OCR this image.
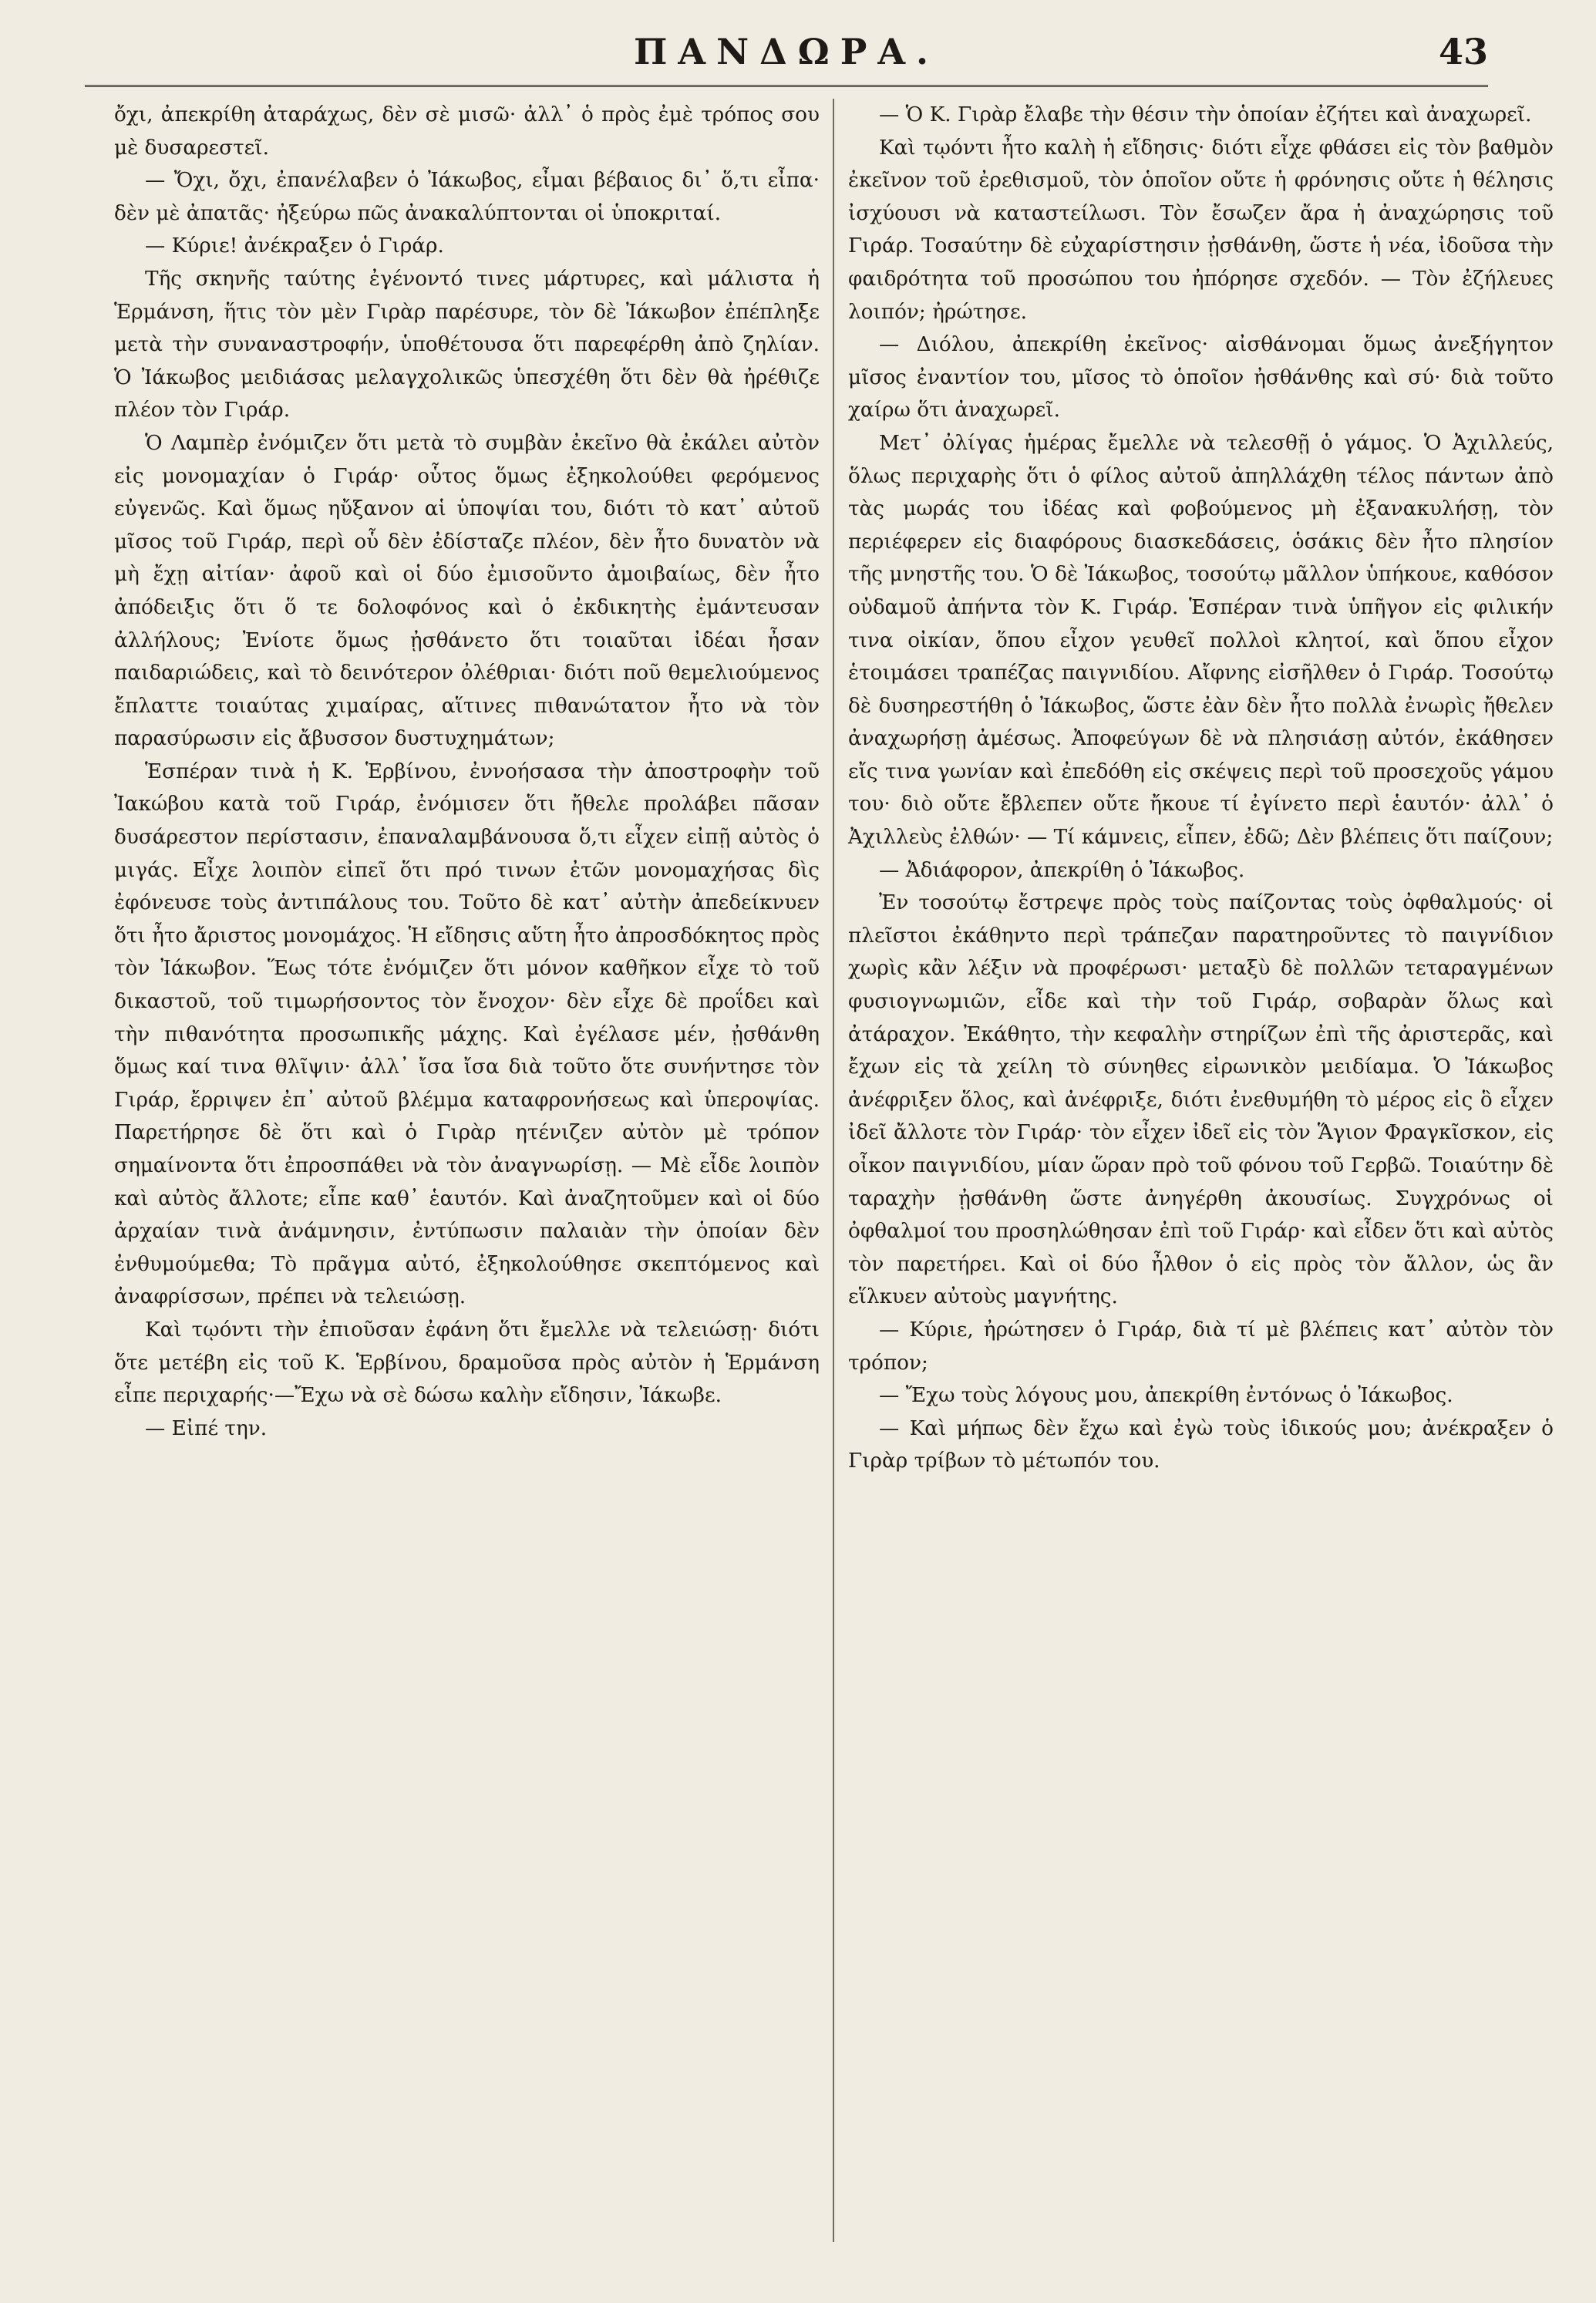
ΠΑΝΔΩΡΑ.	43

ὄχι, ἀπεκρίθη ἀταράχως, δὲν σὲ μισῶ· ἀλλ᾽ ὁ πρὸς ἐμὲ τρόπος σου μὲ δυσαρεστεῖ.

— Ὄχι, ὄχι, ἐπανέλαβεν ὁ Ἰάκωβος, εἶμαι βέβαιος δι᾽ ὅ,τι εἶπα· δὲν μὲ ἀπατᾶς· ἠξεύρω πῶς ἀνακαλύπτονται οἱ ὑποκριταί.

— Κύριε! ἀνέκραξεν ὁ Γιράρ.

Τῆς σκηνῆς ταύτης ἐγένοντό τινες μάρτυρες, καὶ μάλιστα ἡ Ἑρμάνση, ἥτις τὸν μὲν Γιρὰρ παρέσυρε, τὸν δὲ Ἰάκωβον ἐπέπληξε μετὰ τὴν συναναστροφήν, ὑποθέτουσα ὅτι παρεφέρθη ἀπὸ ζηλίαν. Ὁ Ἰάκωβος μειδιάσας μελαγχολικῶς ὑπεσχέθη ὅτι δὲν θὰ ἠρέθιζε πλέον τὸν Γιράρ.

Ὁ Λαμπὲρ ἐνόμιζεν ὅτι μετὰ τὸ συμβὰν ἐκεῖνο θὰ ἐκάλει αὐτὸν εἰς μονομαχίαν ὁ Γιράρ· οὗτος ὅμως ἐξηκολούθει φερόμενος εὐγενῶς. Καὶ ὅμως ηὔξανον αἱ ὑποψίαι του, διότι τὸ κατ᾽ αὐτοῦ μῖσος τοῦ Γιράρ, περὶ οὗ δὲν ἐδίσταζε πλέον, δὲν ἦτο δυνατὸν νὰ μὴ ἔχῃ αἰτίαν· ἀφοῦ καὶ οἱ δύο ἐμισοῦντο ἀμοιβαίως, δὲν ἦτο ἀπόδειξις ὅτι ὅ τε δολοφόνος καὶ ὁ ἐκδικητὴς ἐμάντευσαν ἀλλήλους; Ἐνίοτε ὅμως ᾐσθάνετο ὅτι τοιαῦται ἰδέαι ἦσαν παιδαριώδεις, καὶ τὸ δεινότερον ὀλέθριαι· διότι ποῦ θεμελιούμενος ἔπλαττε τοιαύτας χιμαίρας, αἵτινες πιθανώτατον ἦτο νὰ τὸν παρασύρωσιν εἰς ἄβυσσον δυστυχημάτων;

Ἑσπέραν τινὰ ἡ Κ. Ἑρβίνου, ἐννοήσασα τὴν ἀποστροφὴν τοῦ Ἰακώβου κατὰ τοῦ Γιράρ, ἐνόμισεν ὅτι ἤθελε προλάβει πᾶσαν δυσάρεστον περίστασιν, ἐπαναλαμβάνουσα ὅ,τι εἶχεν εἰπῇ αὐτὸς ὁ μιγάς. Εἶχε λοιπὸν εἰπεῖ ὅτι πρό τινων ἐτῶν μονομαχήσας δὶς ἐφόνευσε τοὺς ἀντιπάλους του. Τοῦτο δὲ κατ᾽ αὐτὴν ἀπεδείκνυεν ὅτι ἦτο ἄριστος μονομάχος. Ἡ εἴδησις αὕτη ἦτο ἀπροσδόκητος πρὸς τὸν Ἰάκωβον. Ἕως τότε ἐνόμιζεν ὅτι μόνον καθῆκον εἶχε τὸ τοῦ δικαστοῦ, τοῦ τιμωρήσοντος τὸν ἔνοχον· δὲν εἶχε δὲ προΐδει καὶ τὴν πιθανότητα προσωπικῆς μάχης. Καὶ ἐγέλασε μέν, ᾐσθάνθη ὅμως καί τινα θλῖψιν· ἀλλ᾽ ἴσα ἴσα διὰ τοῦτο ὅτε συνήντησε τὸν Γιράρ, ἔρριψεν ἐπ᾽ αὐτοῦ βλέμμα καταφρονήσεως καὶ ὑπεροψίας. Παρετήρησε δὲ ὅτι καὶ ὁ Γιρὰρ ητένιζεν αὐτὸν μὲ τρόπον σημαίνοντα ὅτι ἐπροσπάθει νὰ τὸν ἀναγνωρίσῃ. — Μὲ εἶδε λοιπὸν καὶ αὐτὸς ἄλλοτε; εἶπε καθ᾽ ἑαυτόν. Καὶ ἀναζητοῦμεν καὶ οἱ δύο ἀρχαίαν τινὰ ἀνάμνησιν, ἐντύπωσιν παλαιὰν τὴν ὁποίαν δὲν ἐνθυμούμεθα; Τὸ πρᾶγμα αὐτό, ἐξηκολούθησε σκεπτόμενος καὶ ἀναφρίσσων, πρέπει νὰ τελειώσῃ.

Καὶ τῳόντι τὴν ἐπιοῦσαν ἐφάνη ὅτι ἔμελλε νὰ τελειώσῃ· διότι ὅτε μετέβη εἰς τοῦ Κ. Ἑρβίνου, δραμοῦσα πρὸς αὐτὸν ἡ Ἑρμάνση εἶπε περιχαρής·—Ἔχω νὰ σὲ δώσω καλὴν εἴδησιν, Ἰάκωβε.

— Εἰπέ την.

— Ὁ Κ. Γιρὰρ ἔλαβε τὴν θέσιν τὴν ὁποίαν ἐζήτει καὶ ἀναχωρεῖ.

Καὶ τῳόντι ἦτο καλὴ ἡ εἴδησις· διότι εἶχε φθάσει εἰς τὸν βαθμὸν ἐκεῖνον τοῦ ἐρεθισμοῦ, τὸν ὁποῖον οὔτε ἡ φρόνησις οὔτε ἡ θέλησις ἰσχύουσι νὰ καταστείλωσι. Τὸν ἔσωζεν ἄρα ἡ ἀναχώρησις τοῦ Γιράρ. Τοσαύτην δὲ εὐχαρίστησιν ᾐσθάνθη, ὥστε ἡ νέα, ἰδοῦσα τὴν φαιδρότητα τοῦ προσώπου του ἠπόρησε σχεδόν. — Τὸν ἐζήλευες λοιπόν; ἠρώτησε.

— Διόλου, ἀπεκρίθη ἐκεῖνος· αἰσθάνομαι ὅμως ἀνεξήγητον μῖσος ἐναντίον του, μῖσος τὸ ὁποῖον ἠσθάνθης καὶ σύ· διὰ τοῦτο χαίρω ὅτι ἀναχωρεῖ.

Μετ᾽ ὀλίγας ἡμέρας ἔμελλε νὰ τελεσθῇ ὁ γάμος. Ὁ Ἀχιλλεύς, ὅλως περιχαρὴς ὅτι ὁ φίλος αὐτοῦ ἀπηλλάχθη τέλος πάντων ἀπὸ τὰς μωράς του ἰδέας καὶ φοβούμενος μὴ ἐξανακυλήσῃ, τὸν περιέφερεν εἰς διαφόρους διασκεδάσεις, ὁσάκις δὲν ἦτο πλησίον τῆς μνηστῆς του. Ὁ δὲ Ἰάκωβος, τοσούτῳ μᾶλλον ὑπήκουε, καθόσον οὐδαμοῦ ἀπήντα τὸν Κ. Γιράρ. Ἑσπέραν τινὰ ὑπῆγον εἰς φιλικήν τινα οἰκίαν, ὅπου εἶχον γευθεῖ πολλοὶ κλητοί, καὶ ὅπου εἶχον ἑτοιμάσει τραπέζας παιγνιδίου. Αἴφνης εἰσῆλθεν ὁ Γιράρ. Τοσούτῳ δὲ δυσηρεστήθη ὁ Ἰάκωβος, ὥστε ἐὰν δὲν ἦτο πολλὰ ἐνωρὶς ἤθελεν ἀναχωρήσῃ ἀμέσως. Ἀποφεύγων δὲ νὰ πλησιάσῃ αὐτόν, ἐκάθησεν εἴς τινα γωνίαν καὶ ἐπεδόθη εἰς σκέψεις περὶ τοῦ προσεχοῦς γάμου του· διὸ οὔτε ἔβλεπεν οὔτε ἤκουε τί ἐγίνετο περὶ ἑαυτόν· ἀλλ᾽ ὁ Ἀχιλλεὺς ἐλθών· — Τί κάμνεις, εἶπεν, ἐδῶ; Δὲν βλέπεις ὅτι παίζουν;

— Ἀδιάφορον, ἀπεκρίθη ὁ Ἰάκωβος.

Ἐν τοσούτῳ ἔστρεψε πρὸς τοὺς παίζοντας τοὺς ὀφθαλμούς· οἱ πλεῖστοι ἐκάθηντο περὶ τράπεζαν παρατηροῦντες τὸ παιγνίδιον χωρὶς κἂν λέξιν νὰ προφέρωσι· μεταξὺ δὲ πολλῶν τεταραγμένων φυσιογνωμιῶν, εἶδε καὶ τὴν τοῦ Γιράρ, σοβαρὰν ὅλως καὶ ἀτάραχον. Ἐκάθητο, τὴν κεφαλὴν στηρίζων ἐπὶ τῆς ἀριστερᾶς, καὶ ἔχων εἰς τὰ χείλη τὸ σύνηθες εἰρωνικὸν μειδίαμα. Ὁ Ἰάκωβος ἀνέφριξεν ὅλος, καὶ ἀνέφριξε, διότι ἐνεθυμήθη τὸ μέρος εἰς ὃ εἶχεν ἰδεῖ ἄλλοτε τὸν Γιράρ· τὸν εἶχεν ἰδεῖ εἰς τὸν Ἅγιον Φραγκῖσκον, εἰς οἶκον παιγνιδίου, μίαν ὥραν πρὸ τοῦ φόνου τοῦ Γερβῶ. Τοιαύτην δὲ ταραχὴν ᾐσθάνθη ὥστε ἀνηγέρθη ἀκουσίως. Συγχρόνως οἱ ὀφθαλμοί του προσηλώθησαν ἐπὶ τοῦ Γιράρ· καὶ εἶδεν ὅτι καὶ αὐτὸς τὸν παρετήρει. Καὶ οἱ δύο ἦλθον ὁ εἰς πρὸς τὸν ἄλλον, ὡς ἂν εἵλκυεν αὐτοὺς μαγνήτης.

— Κύριε, ἠρώτησεν ὁ Γιράρ, διὰ τί μὲ βλέπεις κατ᾽ αὐτὸν τὸν τρόπον;

— Ἔχω τοὺς λόγους μου, ἀπεκρίθη ἐντόνως ὁ Ἰάκωβος.

— Καὶ μήπως δὲν ἔχω καὶ ἐγὼ τοὺς ἰδικούς μου; ἀνέκραξεν ὁ Γιρὰρ τρίβων τὸ μέτωπόν του.
